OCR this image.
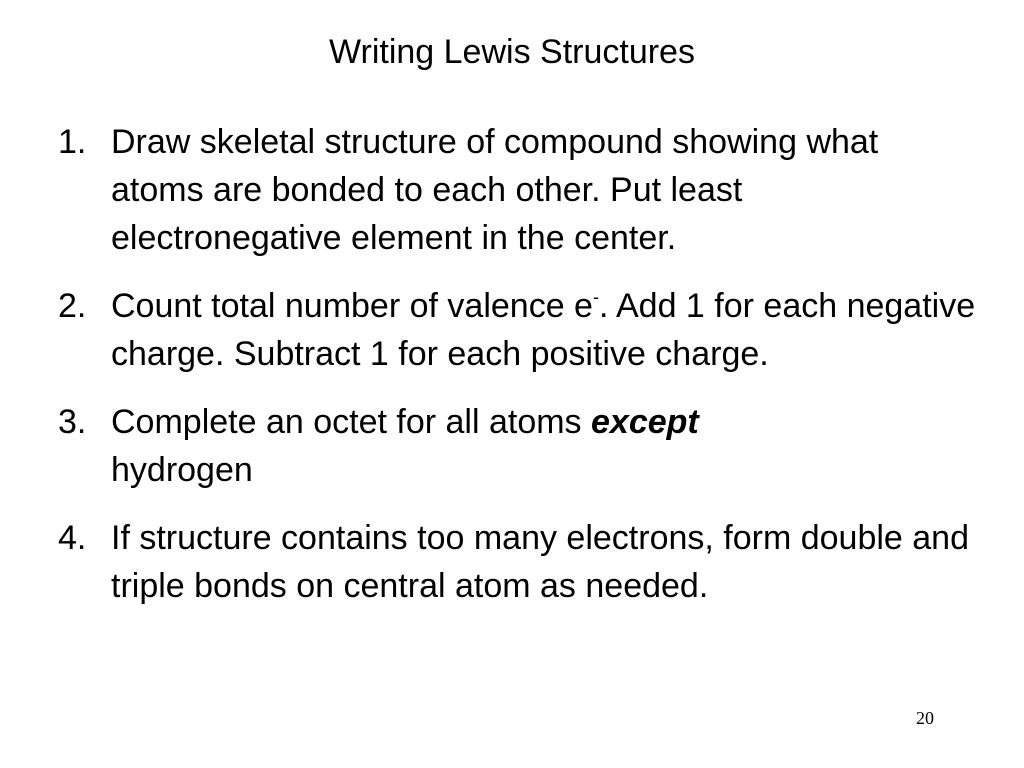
Writing Lewis Structures
1. Draw skeletal structure of compound showing what atoms are bonded to each other. Put least electronegative element in the center.
2. Count total number of valence e-. Add 1 for each negative charge. Subtract 1 for each positive charge.
3. Complete an octet for all atoms except
hydrogen
4. If structure contains too many electrons, form double and triple bonds on central atom as needed.
20
